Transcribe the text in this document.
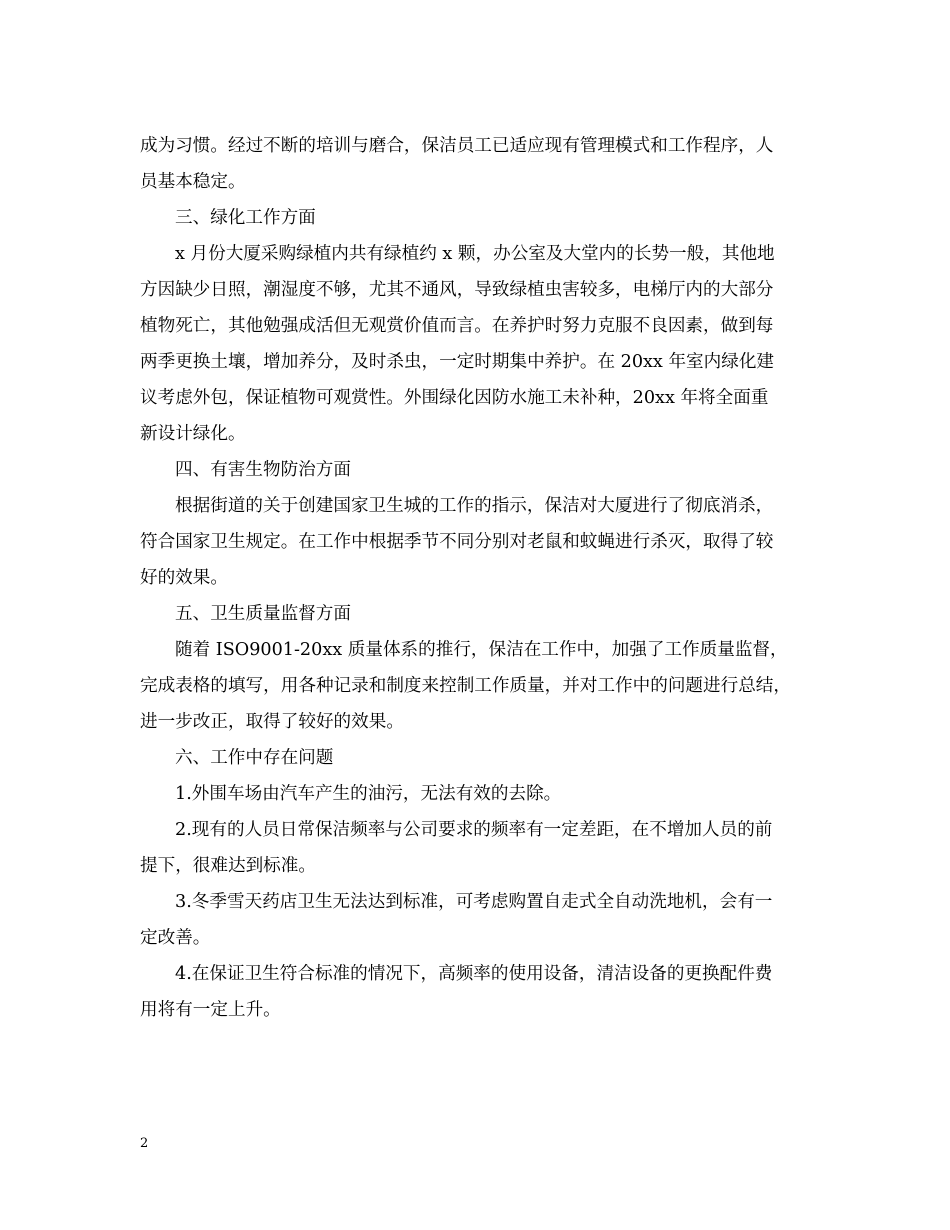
成为习惯。经过不断的培训与磨合，保洁员工已适应现有管理模式和工作程序，人
员基本稳定。
三、绿化工作方面
x 月份大厦采购绿植内共有绿植约 x 颗，办公室及大堂内的长势一般，其他地
方因缺少日照，潮湿度不够，尤其不通风，导致绿植虫害较多，电梯厅内的大部分
植物死亡，其他勉强成活但无观赏价值而言。在养护时努力克服不良因素，做到每
两季更换土壤，增加养分，及时杀虫，一定时期集中养护。在 20xx 年室内绿化建
议考虑外包，保证植物可观赏性。外围绿化因防水施工未补种，20xx 年将全面重
新设计绿化。
四、有害生物防治方面
根据街道的关于创建国家卫生城的工作的指示，保洁对大厦进行了彻底消杀，
符合国家卫生规定。在工作中根据季节不同分别对老鼠和蚊蝇进行杀灭，取得了较
好的效果。
五、卫生质量监督方面
随着 ISO9001-20xx 质量体系的推行，保洁在工作中，加强了工作质量监督，
完成表格的填写，用各种记录和制度来控制工作质量，并对工作中的问题进行总结，
进一步改正，取得了较好的效果。
六、工作中存在问题
1.外围车场由汽车产生的油污，无法有效的去除。
2.现有的人员日常保洁频率与公司要求的频率有一定差距，在不增加人员的前
提下，很难达到标准。
3.冬季雪天药店卫生无法达到标准，可考虑购置自走式全自动洗地机，会有一
定改善。
4.在保证卫生符合标准的情况下，高频率的使用设备，清洁设备的更换配件费
用将有一定上升。
2
